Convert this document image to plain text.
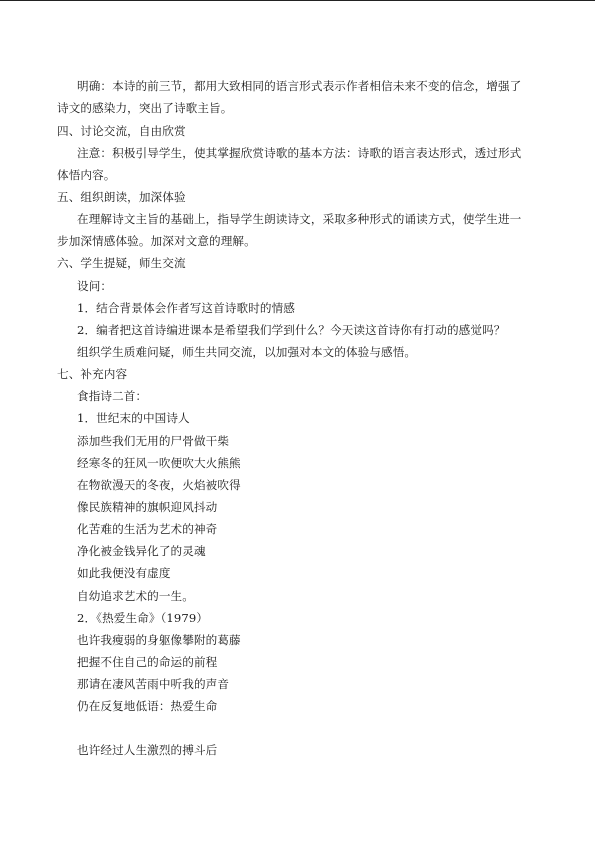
明确：本诗的前三节，都用大致相同的语言形式表示作者相信未来不变的信念，增强了
诗文的感染力，突出了诗歌主旨。
四、讨论交流，自由欣赏
注意：积极引导学生，使其掌握欣赏诗歌的基本方法：诗歌的语言表达形式，透过形式
体悟内容。
五、组织朗读，加深体验
在理解诗文主旨的基础上，指导学生朗读诗文，采取多种形式的诵读方式，使学生进一
步加深情感体验。加深对文意的理解。
六、学生提疑，师生交流
设问：
1．结合背景体会作者写这首诗歌时的情感
2．编者把这首诗编进课本是希望我们学到什么？今天读这首诗你有打动的感觉吗？
组织学生质难问疑，师生共同交流，以加强对本文的体验与感悟。
七、补充内容
食指诗二首：
1．世纪末的中国诗人
添加些我们无用的尸骨做干柴
经寒冬的狂风一吹便吹大火熊熊
在物欲漫天的冬夜，火焰被吹得
像民族精神的旗帜迎风抖动
化苦难的生活为艺术的神奇
净化被金钱异化了的灵魂
如此我便没有虚度
自幼追求艺术的一生。
2．《热爱生命》（1979）
也许我瘦弱的身躯像攀附的葛藤
把握不住自己的命运的前程
那请在凄风苦雨中听我的声音
仍在反复地低语：热爱生命
也许经过人生激烈的搏斗后
